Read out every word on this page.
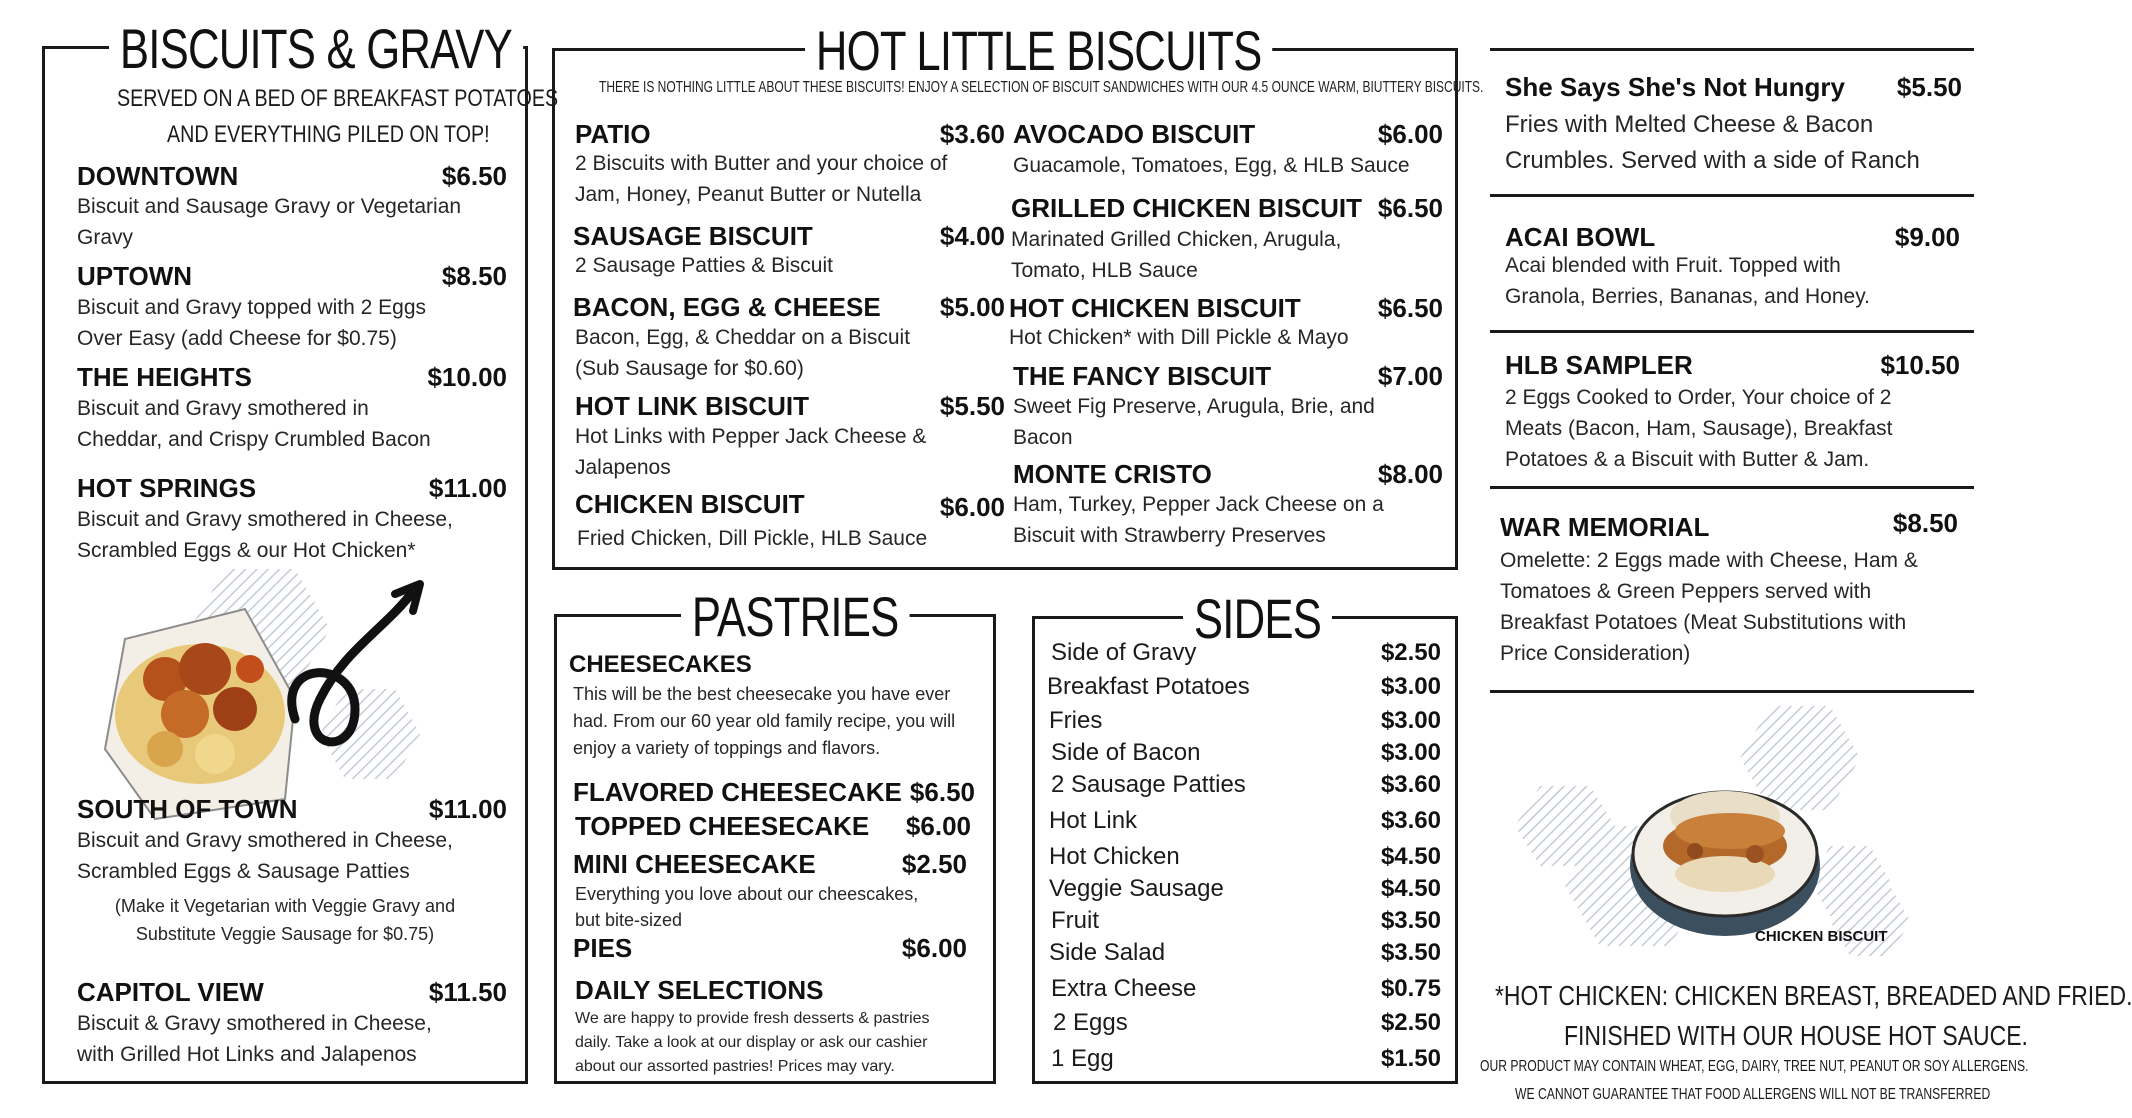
BISCUITS & GRAVY
SERVED ON A BED OF BREAKFAST POTATOES
AND EVERYTHING PILED ON TOP!
DOWNTOWN	$6.50
Biscuit and Sausage Gravy or Vegetarian
Gravy
UPTOWN	$8.50
Biscuit and Gravy topped with 2 Eggs
Over Easy (add Cheese for $0.75)
THE HEIGHTS	$10.00
Biscuit and Gravy smothered in
Cheddar, and Crispy Crumbled Bacon
HOT SPRINGS	$11.00
Biscuit and Gravy smothered in Cheese,
Scrambled Eggs & our Hot Chicken*
SOUTH OF TOWN	$11.00
Biscuit and Gravy smothered in Cheese,
Scrambled Eggs & Sausage Patties
(Make it Vegetarian with Veggie Gravy and
Substitute Veggie Sausage for $0.75)
CAPITOL VIEW	$11.50
Biscuit & Gravy smothered in Cheese,
with Grilled Hot Links and Jalapenos
HOT LITTLE BISCUITS
THERE IS NOTHING LITTLE ABOUT THESE BISCUITS! ENJOY A SELECTION OF BISCUIT SANDWICHES WITH OUR 4.5 OUNCE WARM, BIUTTERY BISCUITS.
PATIO	$3.60
2 Biscuits with Butter and your choice of
Jam, Honey, Peanut Butter or Nutella
SAUSAGE BISCUIT	$4.00
2 Sausage Patties & Biscuit
BACON, EGG & CHEESE	$5.00
Bacon, Egg, & Cheddar on a Biscuit
(Sub Sausage for $0.60)
HOT LINK BISCUIT	$5.50
Hot Links with Pepper Jack Cheese &
Jalapenos
CHICKEN BISCUIT	$6.00
Fried Chicken, Dill Pickle, HLB Sauce
AVOCADO BISCUIT	$6.00
Guacamole, Tomatoes, Egg, & HLB Sauce
GRILLED CHICKEN BISCUIT $6.50
Marinated Grilled Chicken, Arugula,
Tomato, HLB Sauce
HOT CHICKEN BISCUIT	$6.50
Hot Chicken* with Dill Pickle & Mayo
THE FANCY BISCUIT	$7.00
Sweet Fig Preserve, Arugula, Brie, and
Bacon
MONTE CRISTO	$8.00
Ham, Turkey, Pepper Jack Cheese on a
Biscuit with Strawberry Preserves
PASTRIES
CHEESECAKES
This will be the best cheesecake you have ever
had. From our 60 year old family recipe, you will
enjoy a variety of toppings and flavors.
FLAVORED CHEESECAKE $6.50
TOPPED CHEESECAKE $6.00
MINI CHEESECAKE	$2.50
Everything you love about our cheescakes,
but bite-sized
PIES	$6.00
DAILY SELECTIONS
We are happy to provide fresh desserts & pastries
daily. Take a look at our display or ask our cashier
about our assorted pastries! Prices may vary.
SIDES
Side of Gravy	$2.50
Breakfast Potatoes	$3.00
Fries	$3.00
Side of Bacon	$3.00
2 Sausage Patties	$3.60
Hot Link	$3.60
Hot Chicken	$4.50
Veggie Sausage	$4.50
Fruit	$3.50
Side Salad	$3.50
Extra Cheese	$0.75
2 Eggs	$2.50
1 Egg	$1.50
She Says She's Not Hungry $5.50
Fries with Melted Cheese & Bacon
Crumbles. Served with a side of Ranch
ACAI BOWL	$9.00
Acai blended with Fruit. Topped with
Granola, Berries, Bananas, and Honey.
HLB SAMPLER	$10.50
2 Eggs Cooked to Order, Your choice of 2
Meats (Bacon, Ham, Sausage), Breakfast
Potatoes & a Biscuit with Butter & Jam.
WAR MEMORIAL	$8.50
Omelette: 2 Eggs made with Cheese, Ham &
Tomatoes & Green Peppers served with
Breakfast Potatoes (Meat Substitutions with
Price Consideration)
CHICKEN BISCUIT
*HOT CHICKEN: CHICKEN BREAST, BREADED AND FRIED.
FINISHED WITH OUR HOUSE HOT SAUCE.
OUR PRODUCT MAY CONTAIN WHEAT, EGG, DAIRY, TREE NUT, PEANUT OR SOY ALLERGENS.
WE CANNOT GUARANTEE THAT FOOD ALLERGENS WILL NOT BE TRANSFERRED
